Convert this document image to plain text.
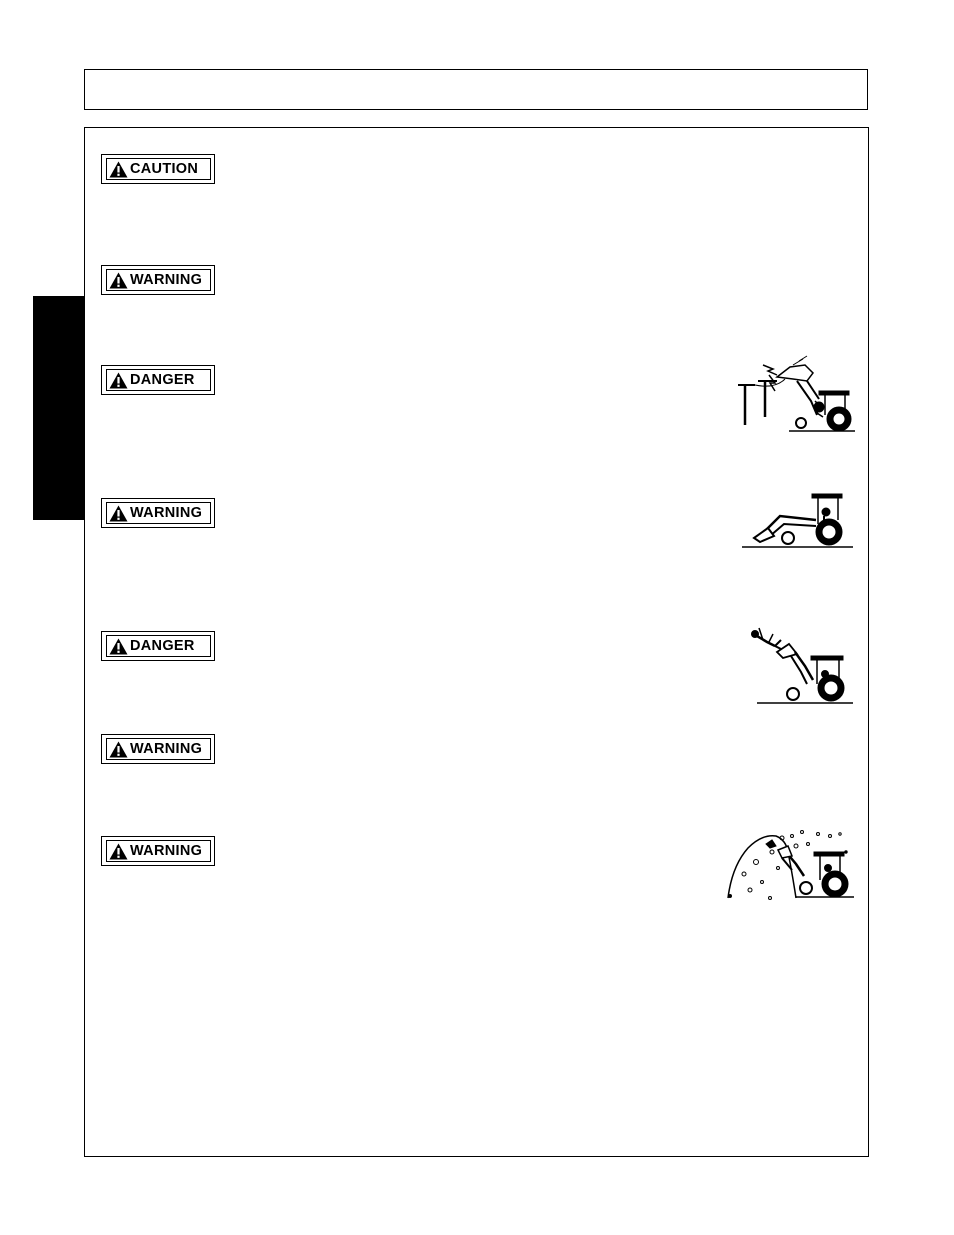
CAUTION
WARNING
DANGER
WARNING
DANGER
WARNING
WARNING
